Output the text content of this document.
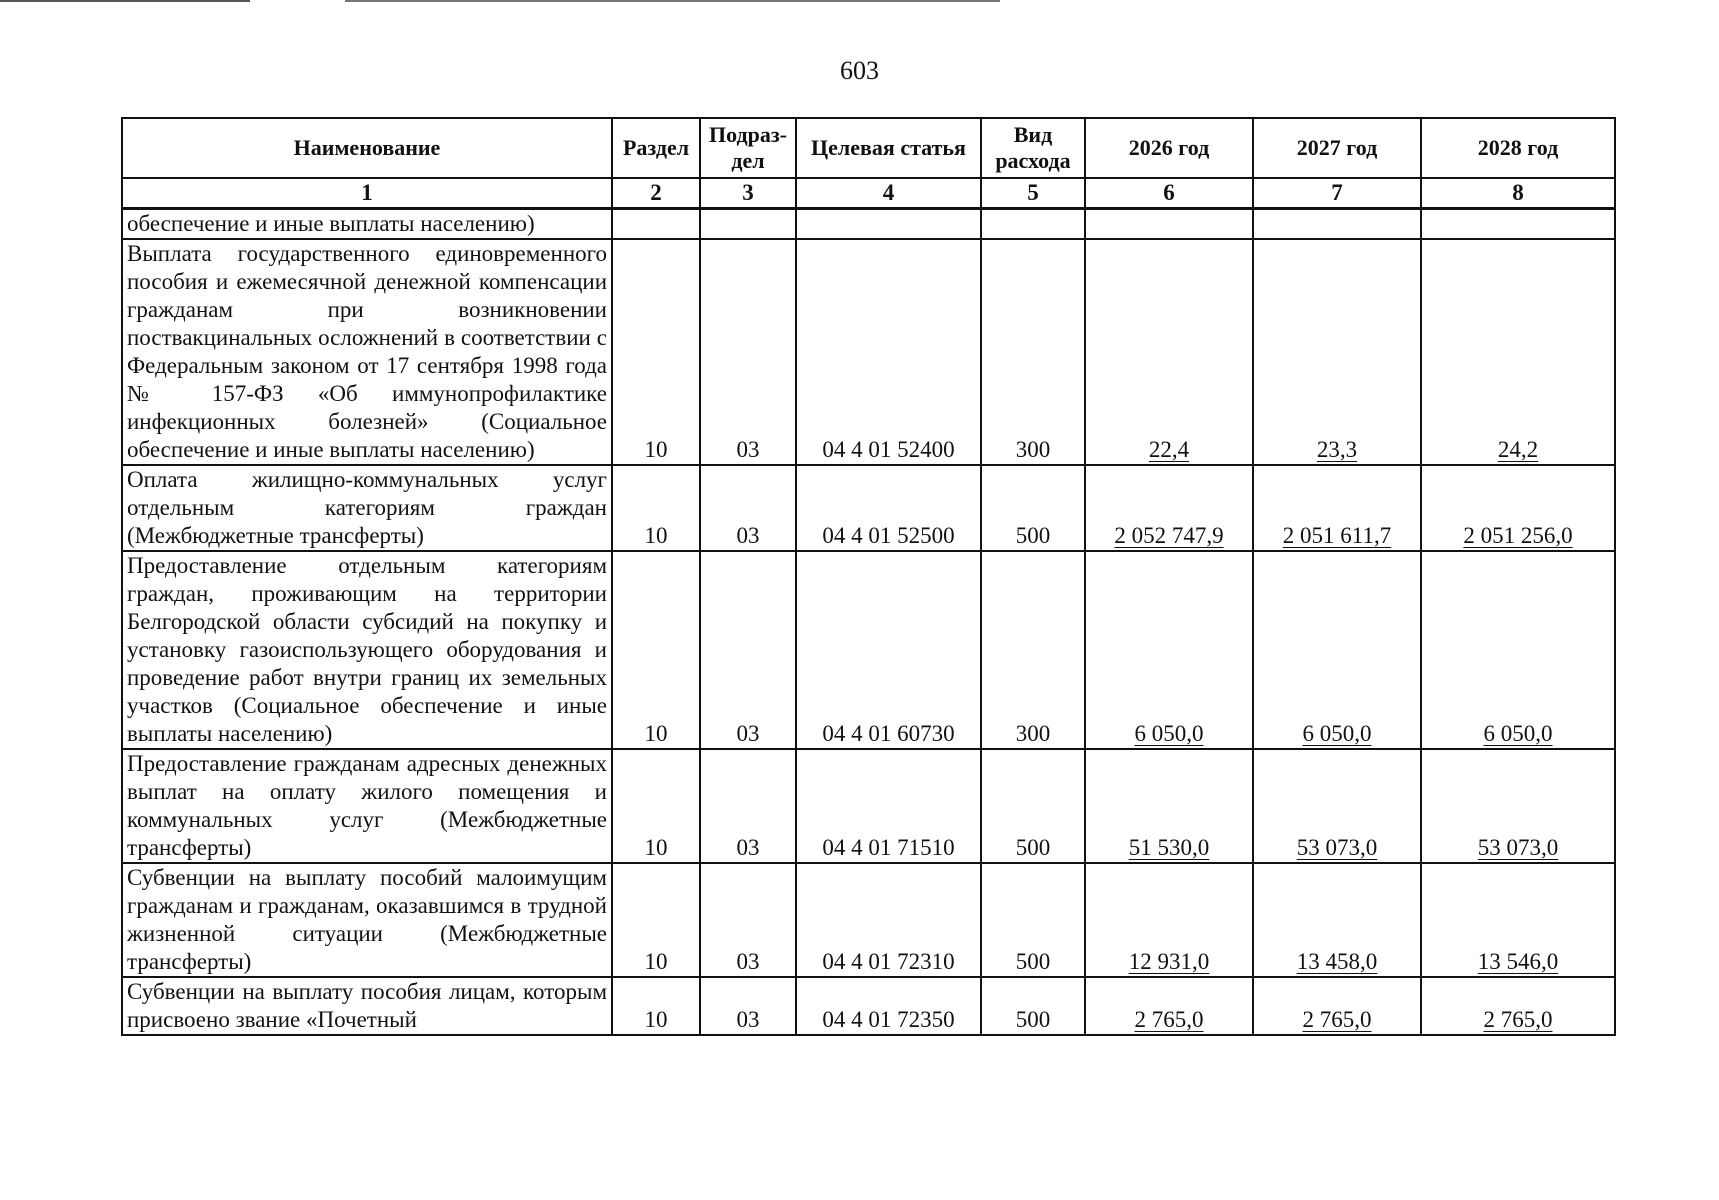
603
Наименование	Раздел	Подраз-дел	Целевая статья	Вид расхода	2026 год	2027 год	2028 год
1	2	3	4	5	6	7	8
обеспечение и иные выплаты населению)							
Выплата государственного единовременного пособия и ежемесячной денежной компенсации гражданам при возникновении поствакцинальных осложнений в соответствии с Федеральным законом от 17 сентября 1998 года № 157-ФЗ «Об иммунопрофилактике инфекционных болезней» (Социальное обеспечение и иные выплаты населению)	10	03	04 4 01 52400	300	22,4	23,3	24,2
Оплата жилищно-коммунальных услуг отдельным категориям граждан (Межбюджетные трансферты)	10	03	04 4 01 52500	500	2 052 747,9	2 051 611,7	2 051 256,0
Предоставление отдельным категориям граждан, проживающим на территории Белгородской области субсидий на покупку и установку газоиспользующего оборудования и проведение работ внутри границ их земельных участков (Социальное обеспечение и иные выплаты населению)	10	03	04 4 01 60730	300	6 050,0	6 050,0	6 050,0
Предоставление гражданам адресных денежных выплат на оплату жилого помещения и коммунальных услуг (Межбюджетные трансферты)	10	03	04 4 01 71510	500	51 530,0	53 073,0	53 073,0
Субвенции на выплату пособий малоимущим гражданам и гражданам, оказавшимся в трудной жизненной ситуации (Межбюджетные трансферты)	10	03	04 4 01 72310	500	12 931,0	13 458,0	13 546,0
Субвенции на выплату пособия лицам, которым присвоено звание «Почетный	10	03	04 4 01 72350	500	2 765,0	2 765,0	2 765,0
